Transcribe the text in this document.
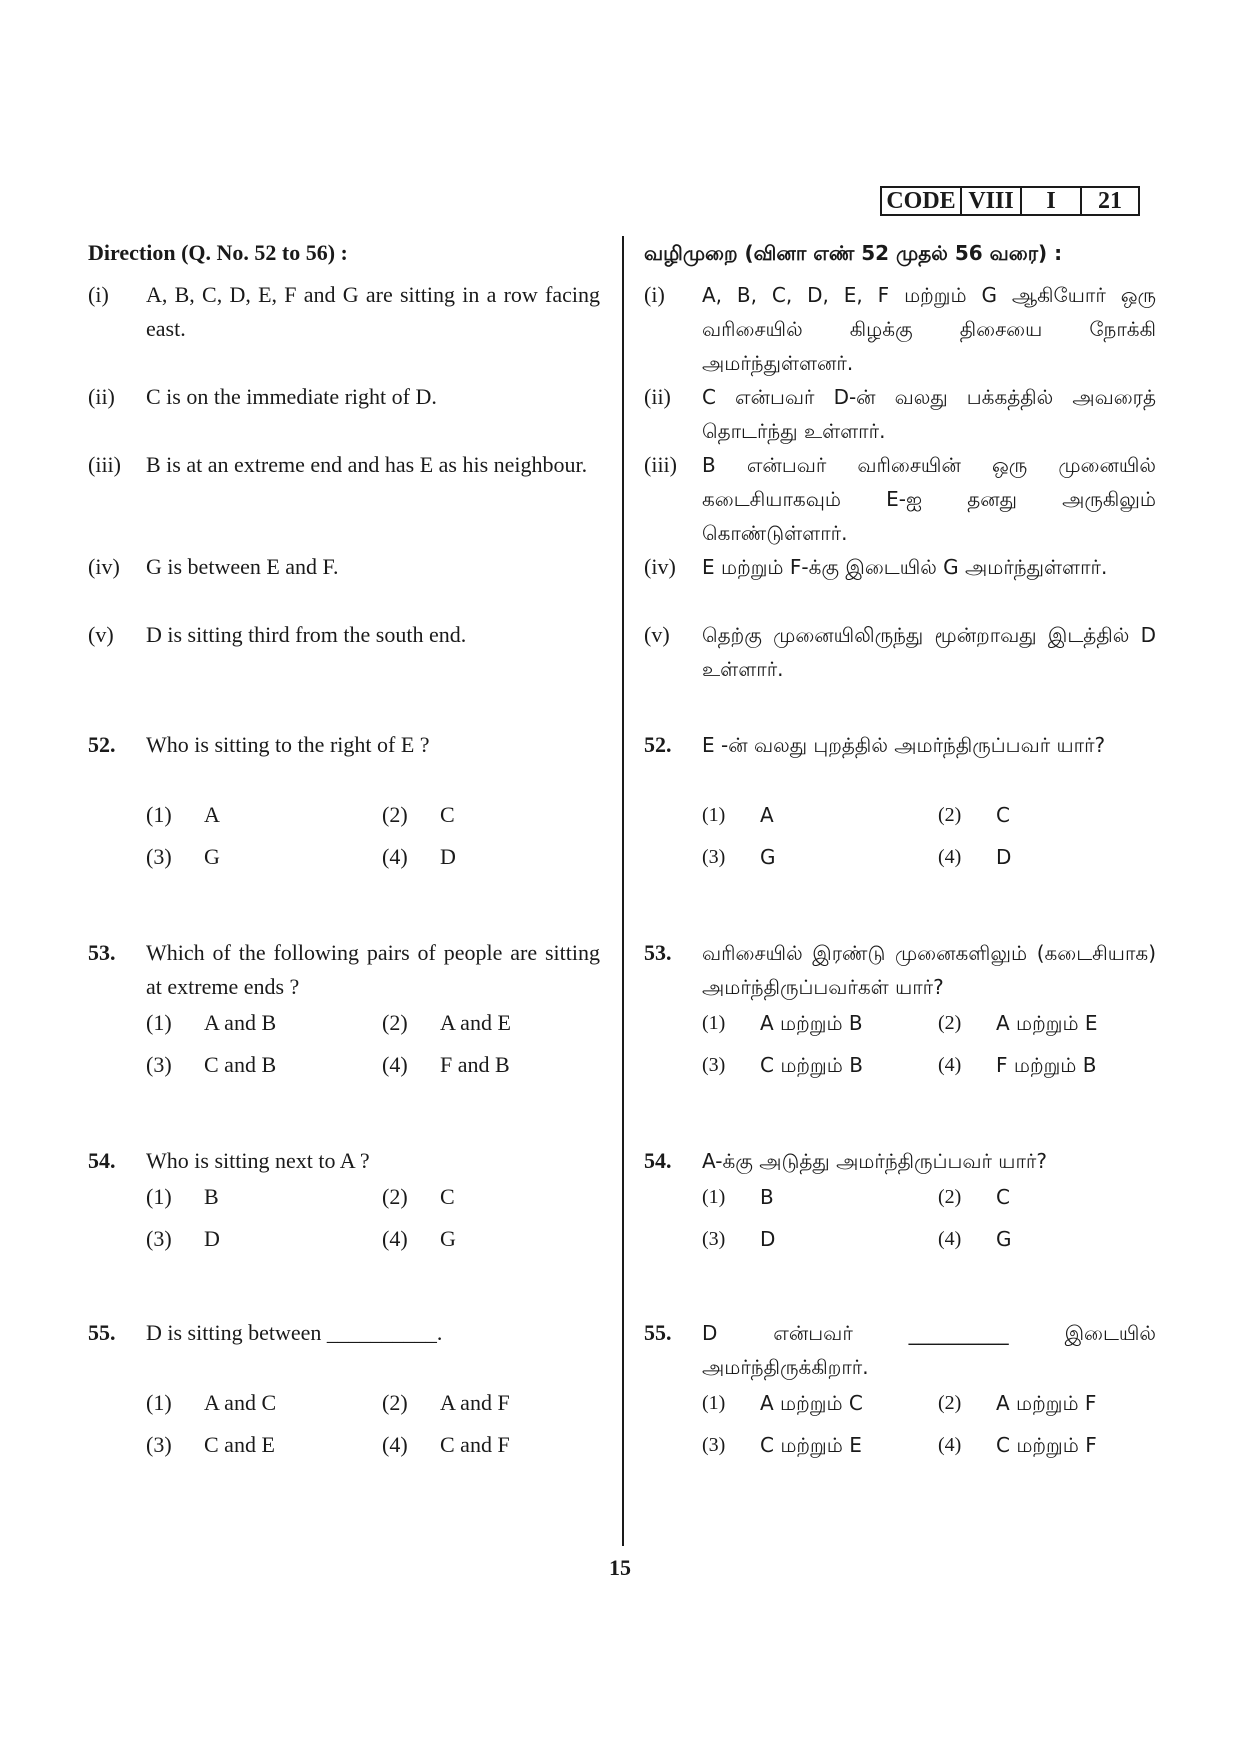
CODE VIII	I	21
Direction (Q. No. 52 to 56) :
(i)	A, B, C, D, E, F and G are sitting in a row facing east.
(ii)	C is on the immediate right of D.
(iii)	B is at an extreme end and has E as his neighbour.
(iv)	G is between E and F.
(v)	D is sitting third from the south end.
52.	Who is sitting to the right of E ?
(1)	A	(2)	C
(3)	G	(4)	D
53.	Which of the following pairs of people are sitting at extreme ends ?
(1)	A and B	(2)	A and E
(3)	C and B	(4)	F and B
54.	Who is sitting next to A ?
(1)	B	(2)	C
(3)	D	(4)	G
55.	D is sitting between __________.
(1)	A and C	(2)	A and F
(3)	C and E	(4)	C and F
வழிமுறை (வினா எண் 52 முதல் 56 வரை) :
(i)	A, B, C, D, E, F மற்றும் G ஆகியோர் ஒரு வரிசையில் கிழக்கு திசையை நோக்கி அமர்ந்துள்ளனர்.
(ii)	C என்பவர் D-ன் வலது பக்கத்தில் அவரைத் தொடர்ந்து உள்ளார்.
(iii)	B என்பவர் வரிசையின் ஒரு முனையில் கடைசியாகவும் E-ஐ தனது அருகிலும் கொண்டுள்ளார்.
(iv)	E மற்றும் F-க்கு இடையில் G அமர்ந்துள்ளார்.
(v)	தெற்கு முனையிலிருந்து மூன்றாவது இடத்தில் D உள்ளார்.
52.	E -ன் வலது புறத்தில் அமர்ந்திருப்பவர் யார்?
(1)	A	(2)	C
(3)	G	(4)	D
53.	வரிசையில் இரண்டு முனைகளிலும் (கடைசியாக) அமர்ந்திருப்பவர்கள் யார்?
(1)	A மற்றும் B	(2)	A மற்றும் E
(3)	C மற்றும் B	(4)	F மற்றும் B
54.	A-க்கு அடுத்து அமர்ந்திருப்பவர் யார்?
(1)	B	(2)	C
(3)	D	(4)	G
55.	D என்பவர் __________ இடையில் அமர்ந்திருக்கிறார்.
(1)	A மற்றும் C	(2)	A மற்றும் F
(3)	C மற்றும் E	(4)	C மற்றும் F
15
